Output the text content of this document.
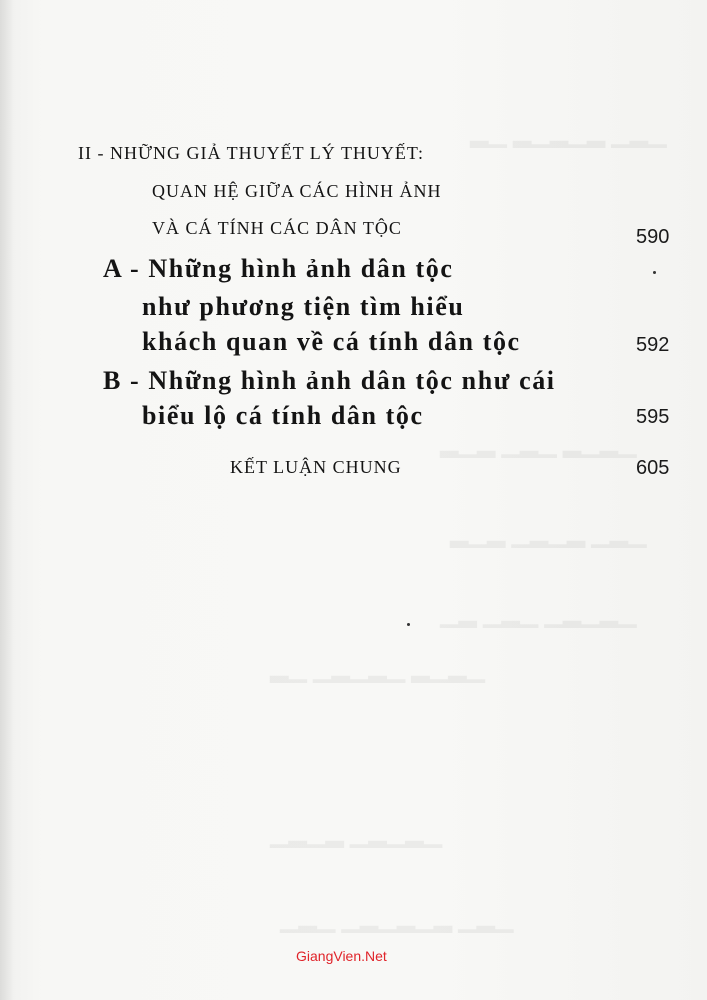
▁▂▁ ▂▁▂▁▂ ▁▂
▁▂▁▂ ▁▂▁ ▂▁▂
▁▂▁ ▂▁▂▁ ▂▁▂
▁▂▁▂▁ ▁▂▁ ▂▁
▁▂▁▂ ▁▂▁▂▁ ▁▂
▁▂▁▂▁ ▂▁▂▁
▁▂▁ ▂▁▂▁▂▁ ▁▂▁
II - NHỮNG GIẢ THUYẾT LÝ THUYẾT:
QUAN HỆ GIỮA CÁC HÌNH ẢNH
VÀ CÁ TÍNH CÁC DÂN TỘC	590
A - Những hình ảnh dân tộc
như phương tiện tìm hiểu
khách quan về cá tính dân tộc	592
B - Những hình ảnh dân tộc như cái
biểu lộ cá tính dân tộc	595
KẾT LUẬN CHUNG	605
GiangVien.Net
